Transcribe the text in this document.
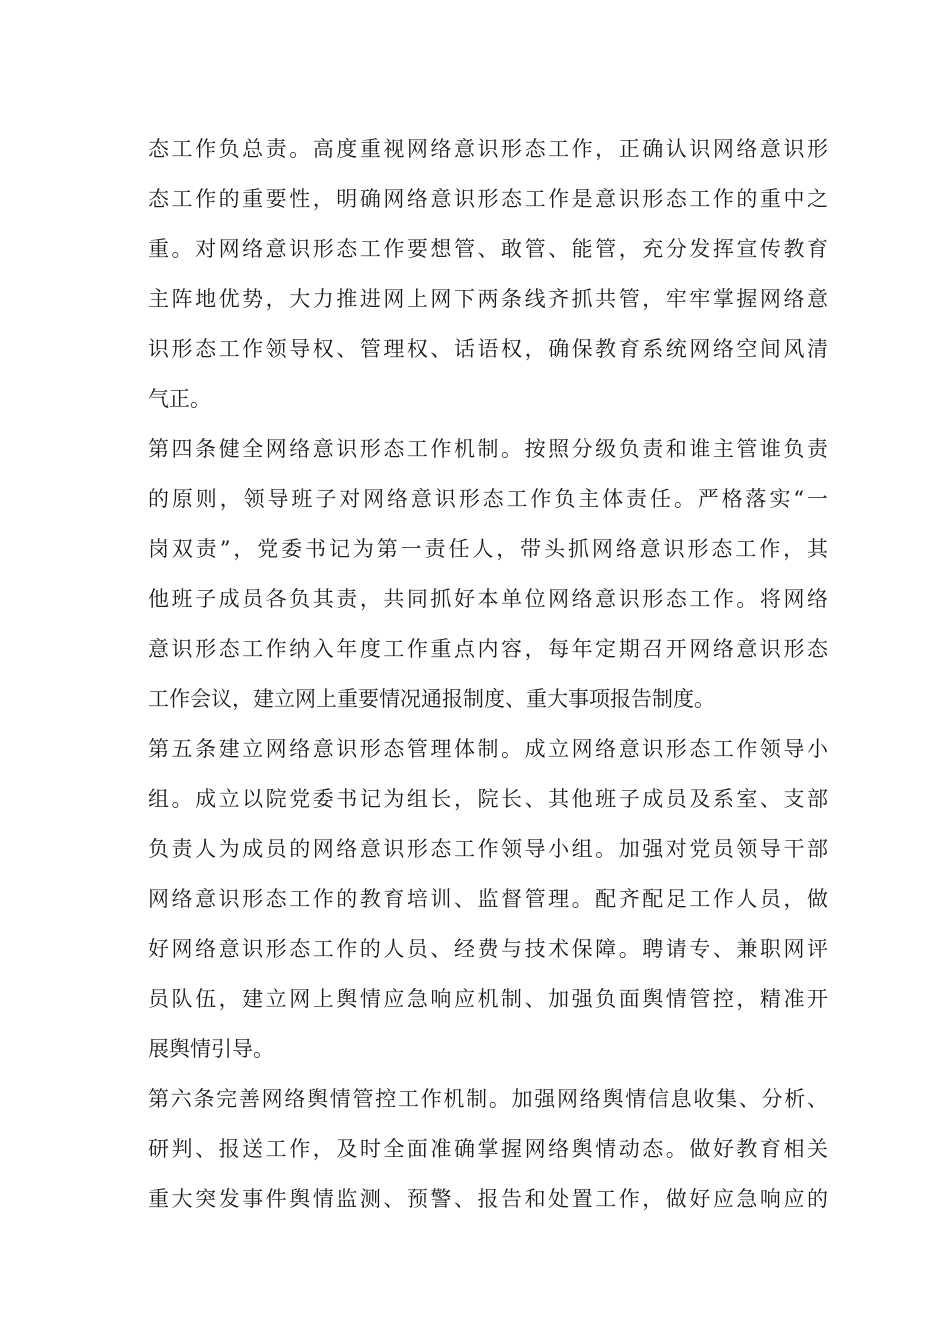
态工作负总责。高度重视网络意识形态工作，正确认识网络意识形
态工作的重要性，明确网络意识形态工作是意识形态工作的重中之
重。对网络意识形态工作要想管、敢管、能管，充分发挥宣传教育
主阵地优势，大力推进网上网下两条线齐抓共管，牢牢掌握网络意
识形态工作领导权、管理权、话语权，确保教育系统网络空间风清
气正。
第四条健全网络意识形态工作机制。按照分级负责和谁主管谁负责
的原则，领导班子对网络意识形态工作负主体责任。严格落实“一
岗双责”，党委书记为第一责任人，带头抓网络意识形态工作，其
他班子成员各负其责，共同抓好本单位网络意识形态工作。将网络
意识形态工作纳入年度工作重点内容，每年定期召开网络意识形态
工作会议，建立网上重要情况通报制度、重大事项报告制度。
第五条建立网络意识形态管理体制。成立网络意识形态工作领导小
组。成立以院党委书记为组长，院长、其他班子成员及系室、支部
负责人为成员的网络意识形态工作领导小组。加强对党员领导干部
网络意识形态工作的教育培训、监督管理。配齐配足工作人员，做
好网络意识形态工作的人员、经费与技术保障。聘请专、兼职网评
员队伍，建立网上舆情应急响应机制、加强负面舆情管控，精准开
展舆情引导。
第六条完善网络舆情管控工作机制。加强网络舆情信息收集、分析、
研判、报送工作，及时全面准确掌握网络舆情动态。做好教育相关
重大突发事件舆情监测、预警、报告和处置工作，做好应急响应的
